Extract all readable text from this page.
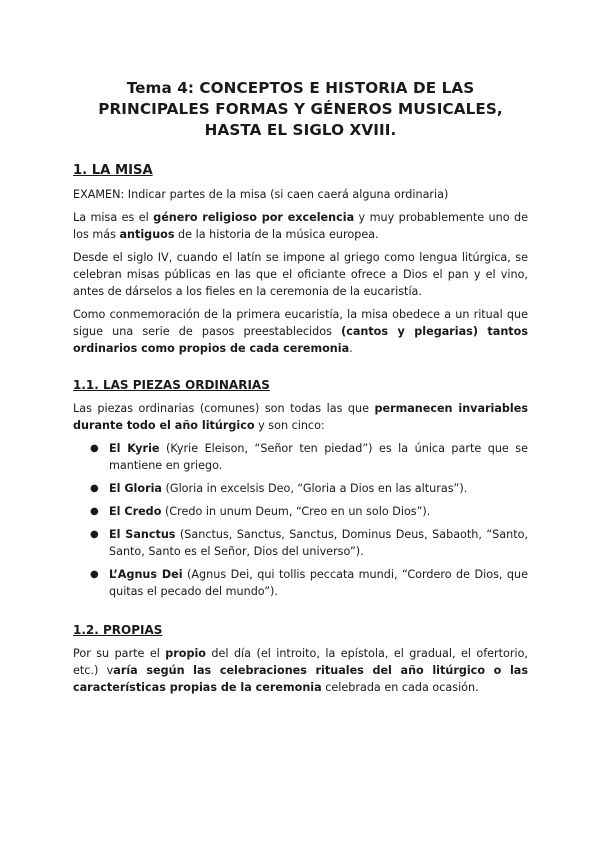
Tema 4: CONCEPTOS E HISTORIA DE LAS PRINCIPALES FORMAS Y GÉNEROS MUSICALES, HASTA EL SIGLO XVIII.
1. LA MISA

EXAMEN: Indicar partes de la misa (si caen caerá alguna ordinaria)

La misa es el género religioso por excelencia y muy probablemente uno de los más antiguos de la historia de la música europea.

Desde el siglo IV, cuando el latín se impone al griego como lengua litúrgica, se celebran misas públicas en las que el oficiante ofrece a Dios el pan y el vino, antes de dárselos a los fieles en la ceremonia de la eucaristía.

Como conmemoración de la primera eucaristía, la misa obedece a un ritual que sigue una serie de pasos preestablecidos (cantos y plegarias) tantos ordinarios como propios de cada ceremonia.

1.1. LAS PIEZAS ORDINARIAS

Las piezas ordinarias (comunes) son todas las que permanecen invariables durante todo el año litúrgico y son cinco:

● El Kyrie (Kyrie Eleison, “Señor ten piedad”) es la única parte que se mantiene en griego.
● El Gloria (Gloria in excelsis Deo, “Gloria a Dios en las alturas”).
● El Credo (Credo in unum Deum, “Creo en un solo Dios”).
● El Sanctus (Sanctus, Sanctus, Sanctus, Dominus Deus, Sabaoth, “Santo, Santo, Santo es el Señor, Dios del universo”).
● L’Agnus Dei (Agnus Dei, qui tollis peccata mundi, “Cordero de Dios, que quitas el pecado del mundo”).
1.2. PROPIAS

Por su parte el propio del día (el introito, la epístola, el gradual, el ofertorio, etc.) varía según las celebraciones rituales del año litúrgico o las características propias de la ceremonia celebrada en cada ocasión.
